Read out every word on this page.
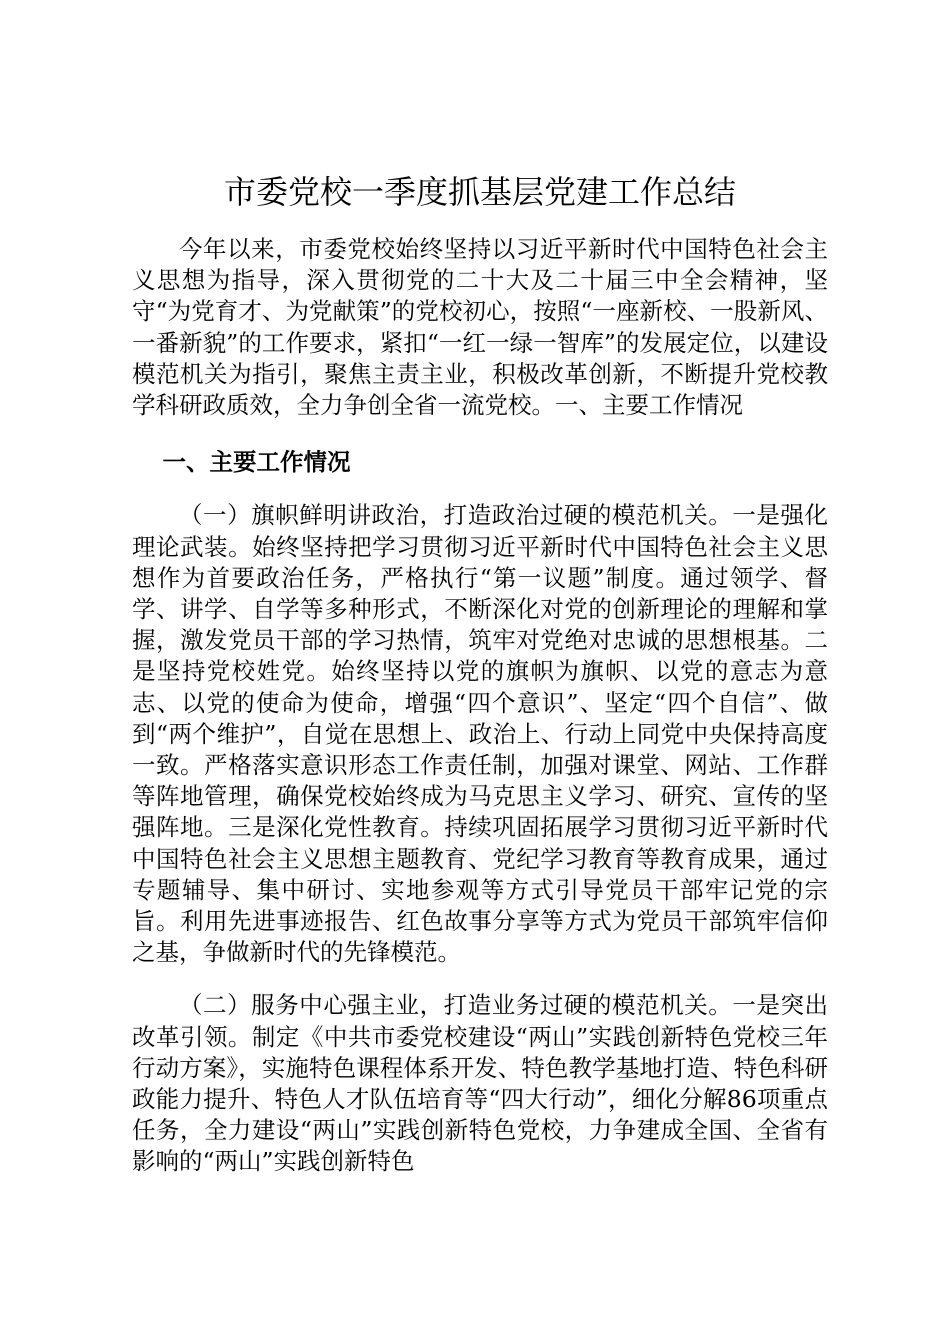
市委党校一季度抓基层党建工作总结

今年以来，市委党校始终坚持以习近平新时代中国特色社会主义思想为指导，深入贯彻党的二十大及二十届三中全会精神，坚守“为党育才、为党献策”的党校初心，按照“一座新校、一股新风、一番新貌”的工作要求，紧扣“一红一绿一智库”的发展定位，以建设模范机关为指引，聚焦主责主业，积极改革创新，不断提升党校教学科研政质效，全力争创全省一流党校。一、主要工作情况

一、主要工作情况

（一）旗帜鲜明讲政治，打造政治过硬的模范机关。一是强化理论武装。始终坚持把学习贯彻习近平新时代中国特色社会主义思想作为首要政治任务，严格执行“第一议题”制度。通过领学、督学、讲学、自学等多种形式，不断深化对党的创新理论的理解和掌握，激发党员干部的学习热情，筑牢对党绝对忠诚的思想根基。二是坚持党校姓党。始终坚持以党的旗帜为旗帜、以党的意志为意志、以党的使命为使命，增强“四个意识”、坚定“四个自信”、做到“两个维护”，自觉在思想上、政治上、行动上同党中央保持高度一致。严格落实意识形态工作责任制，加强对课堂、网站、工作群等阵地管理，确保党校始终成为马克思主义学习、研究、宣传的坚强阵地。三是深化党性教育。持续巩固拓展学习贯彻习近平新时代中国特色社会主义思想主题教育、党纪学习教育等教育成果，通过专题辅导、集中研讨、实地参观等方式引导党员干部牢记党的宗旨。利用先进事迹报告、红色故事分享等方式为党员干部筑牢信仰之基，争做新时代的先锋模范。

（二）服务中心强主业，打造业务过硬的模范机关。一是突出改革引领。制定《中共市委党校建设“两山”实践创新特色党校三年行动方案》，实施特色课程体系开发、特色教学基地打造、特色科研政能力提升、特色人才队伍培育等“四大行动”，细化分解86项重点任务，全力建设“两山”实践创新特色党校，力争建成全国、全省有影响的“两山”实践创新特色
